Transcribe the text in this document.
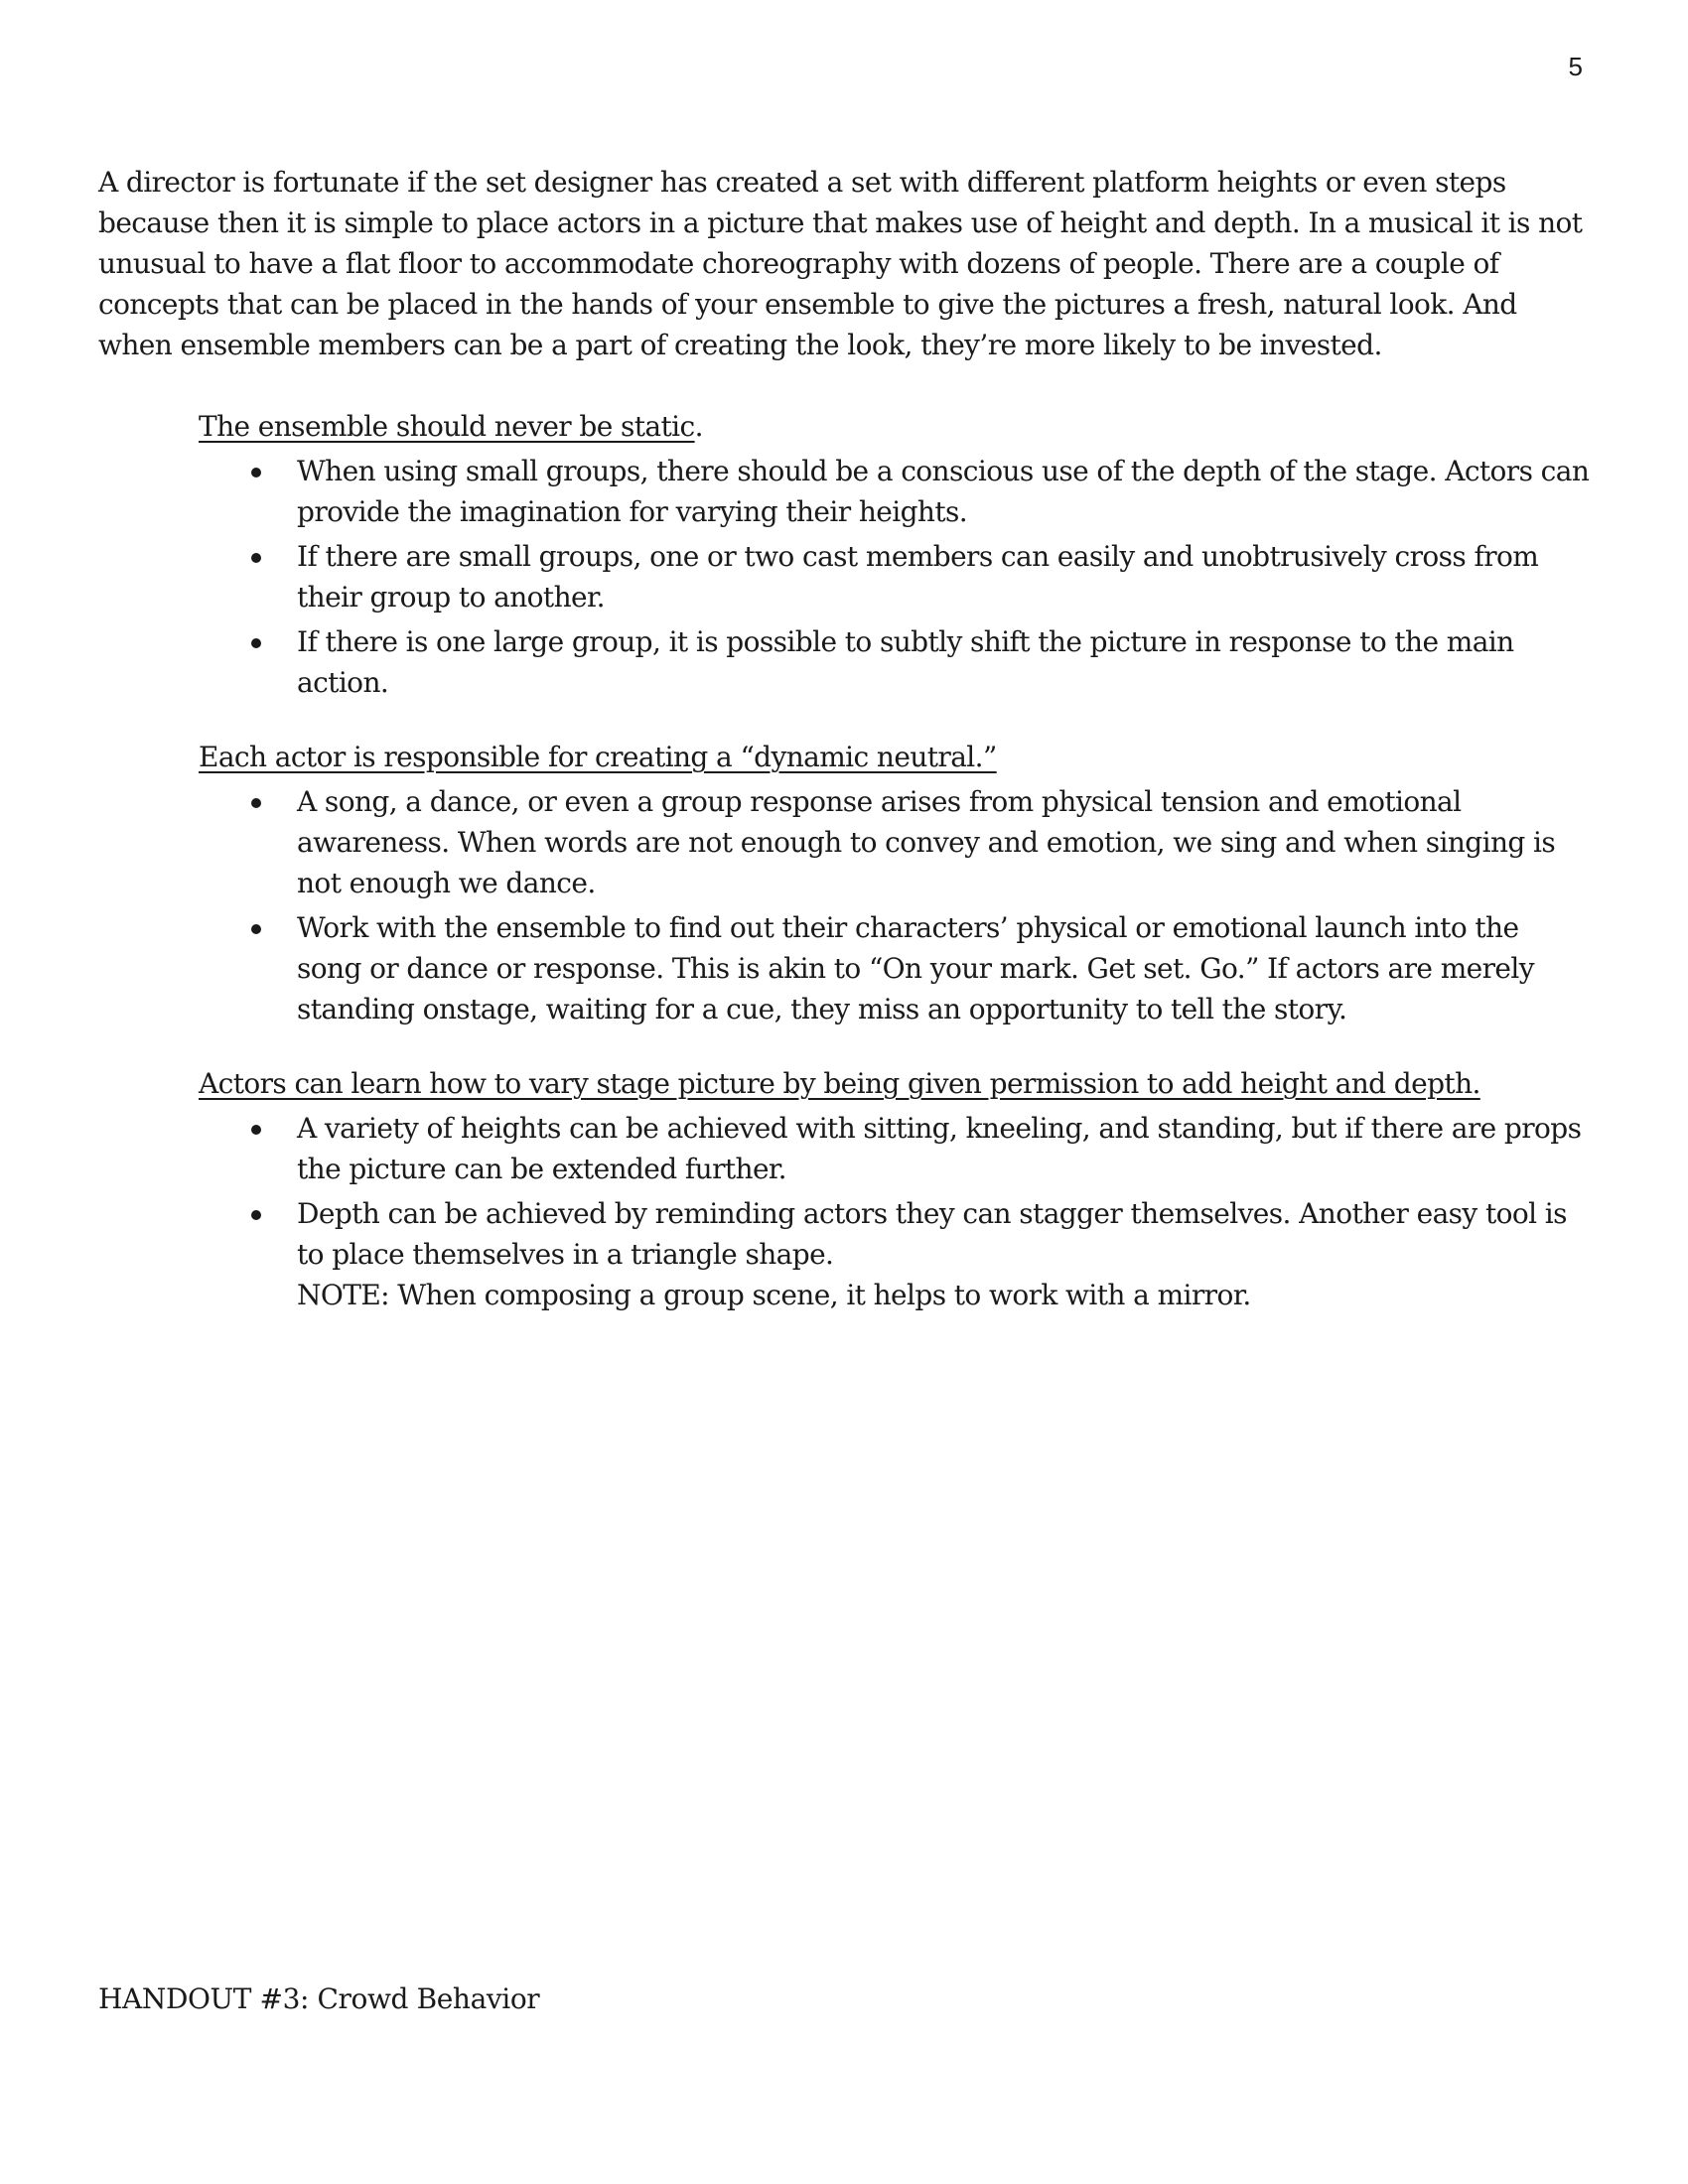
5

A director is fortunate if the set designer has created a set with different platform heights or even steps because then it is simple to place actors in a picture that makes use of height and depth. In a musical it is not unusual to have a flat floor to accommodate choreography with dozens of people. There are a couple of concepts that can be placed in the hands of your ensemble to give the pictures a fresh, natural look. And when ensemble members can be a part of creating the look, they’re more likely to be invested.

The ensemble should never be static.

When using small groups, there should be a conscious use of the depth of the stage. Actors can provide the imagination for varying their heights.
If there are small groups, one or two cast members can easily and unobtrusively cross from their group to another.
If there is one large group, it is possible to subtly shift the picture in response to the main action.

Each actor is responsible for creating a “dynamic neutral.”

A song, a dance, or even a group response arises from physical tension and emotional awareness. When words are not enough to convey and emotion, we sing and when singing is not enough we dance.
Work with the ensemble to find out their characters’ physical or emotional launch into the song or dance or response. This is akin to “On your mark. Get set. Go.” If actors are merely standing onstage, waiting for a cue, they miss an opportunity to tell the story.

Actors can learn how to vary stage picture by being given permission to add height and depth.

A variety of heights can be achieved with sitting, kneeling, and standing, but if there are props the picture can be extended further.
Depth can be achieved by reminding actors they can stagger themselves. Another easy tool is to place themselves in a triangle shape.
NOTE: When composing a group scene, it helps to work with a mirror.
HANDOUT #3: Crowd Behavior
